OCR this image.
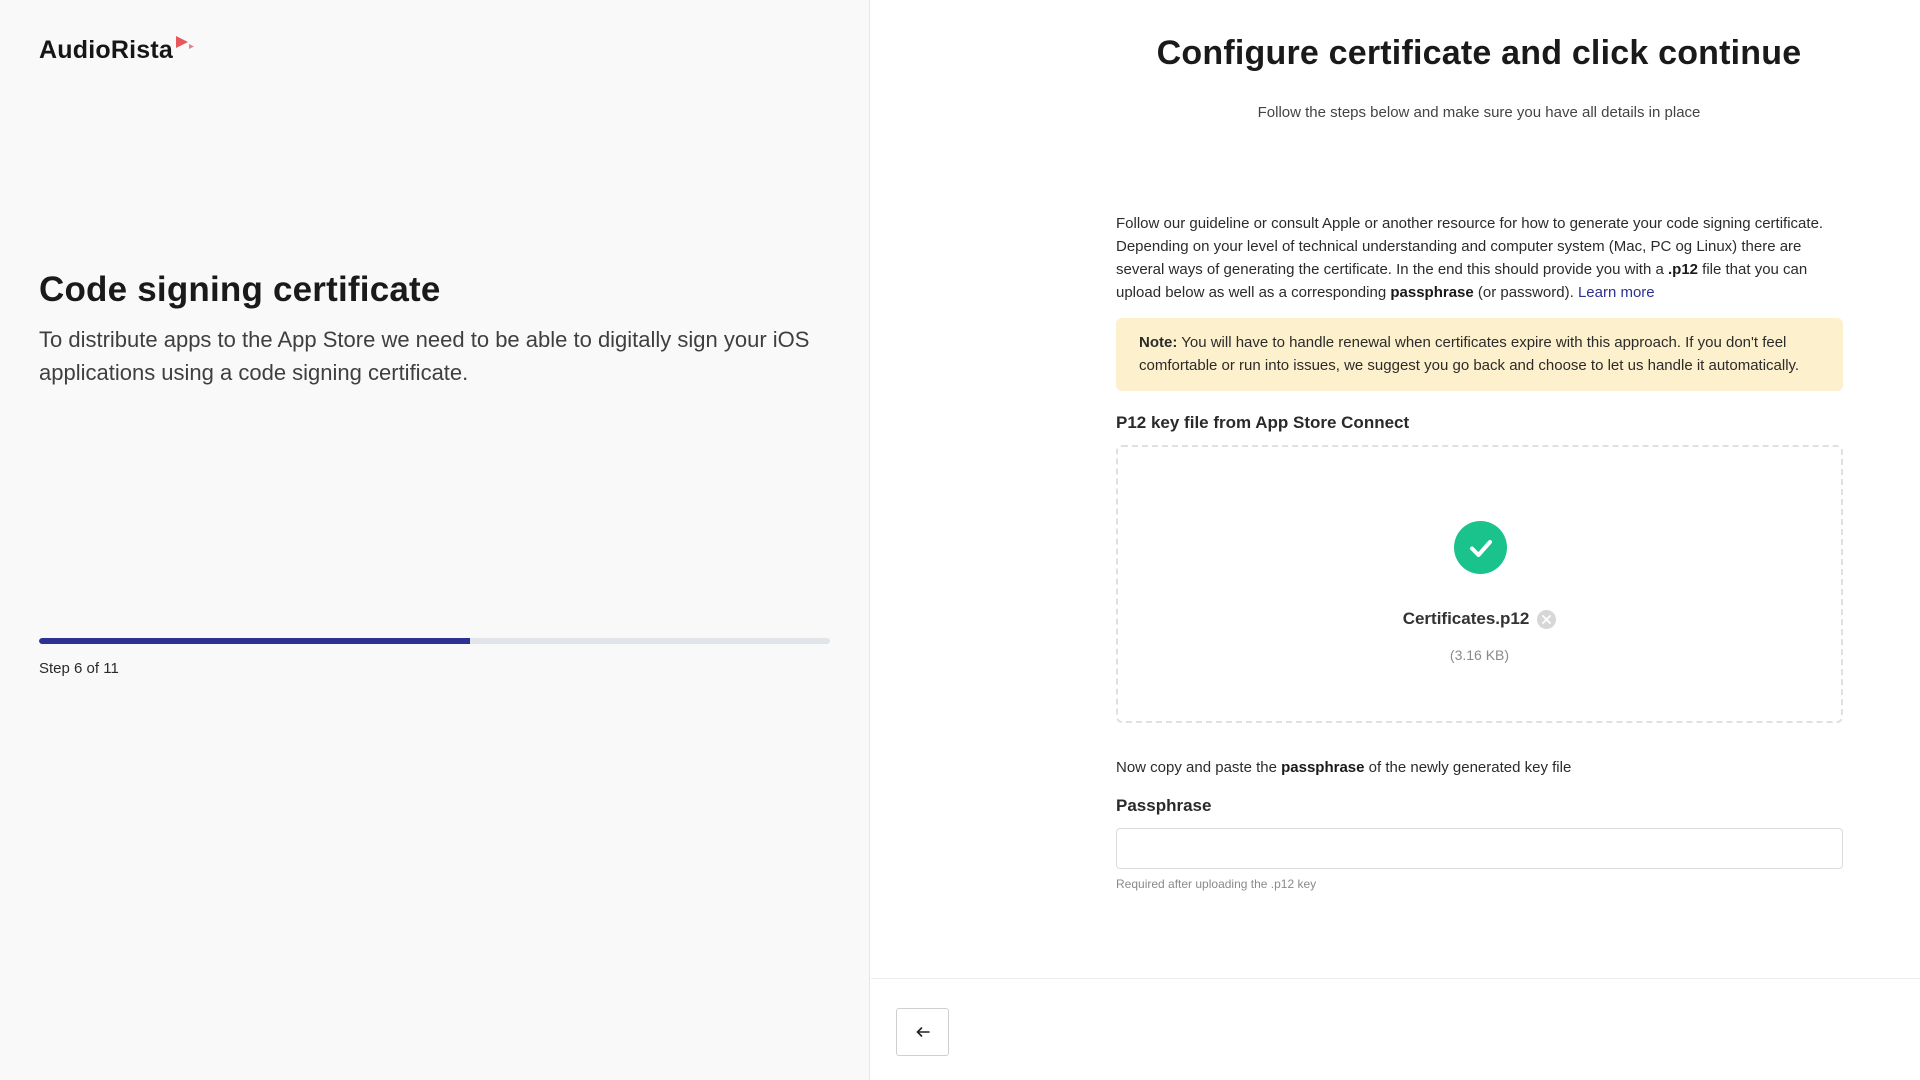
AudioRista
Code signing certificate

To distribute apps to the App Store we need to be able to digitally sign your iOS applications using a code signing certificate.

Step 6 of 11
Configure certificate and click continue

Follow the steps below and make sure you have all details in place

Follow our guideline or consult Apple or another resource for how to generate your code signing certificate. Depending on your level of technical understanding and computer system (Mac, PC og Linux) there are several ways of generating the certificate. In the end this should provide you with a .p12 file that you can upload below as well as a corresponding passphrase (or password). Learn more

Note: You will have to handle renewal when certificates expire with this approach. If you don't feel comfortable or run into issues, we suggest you go back and choose to let us handle it automatically.
P12 key file from App Store Connect
Certificates.p12
(3.16 KB)

Now copy and paste the passphrase of the newly generated key file

Passphrase
Required after uploading the .p12 key
